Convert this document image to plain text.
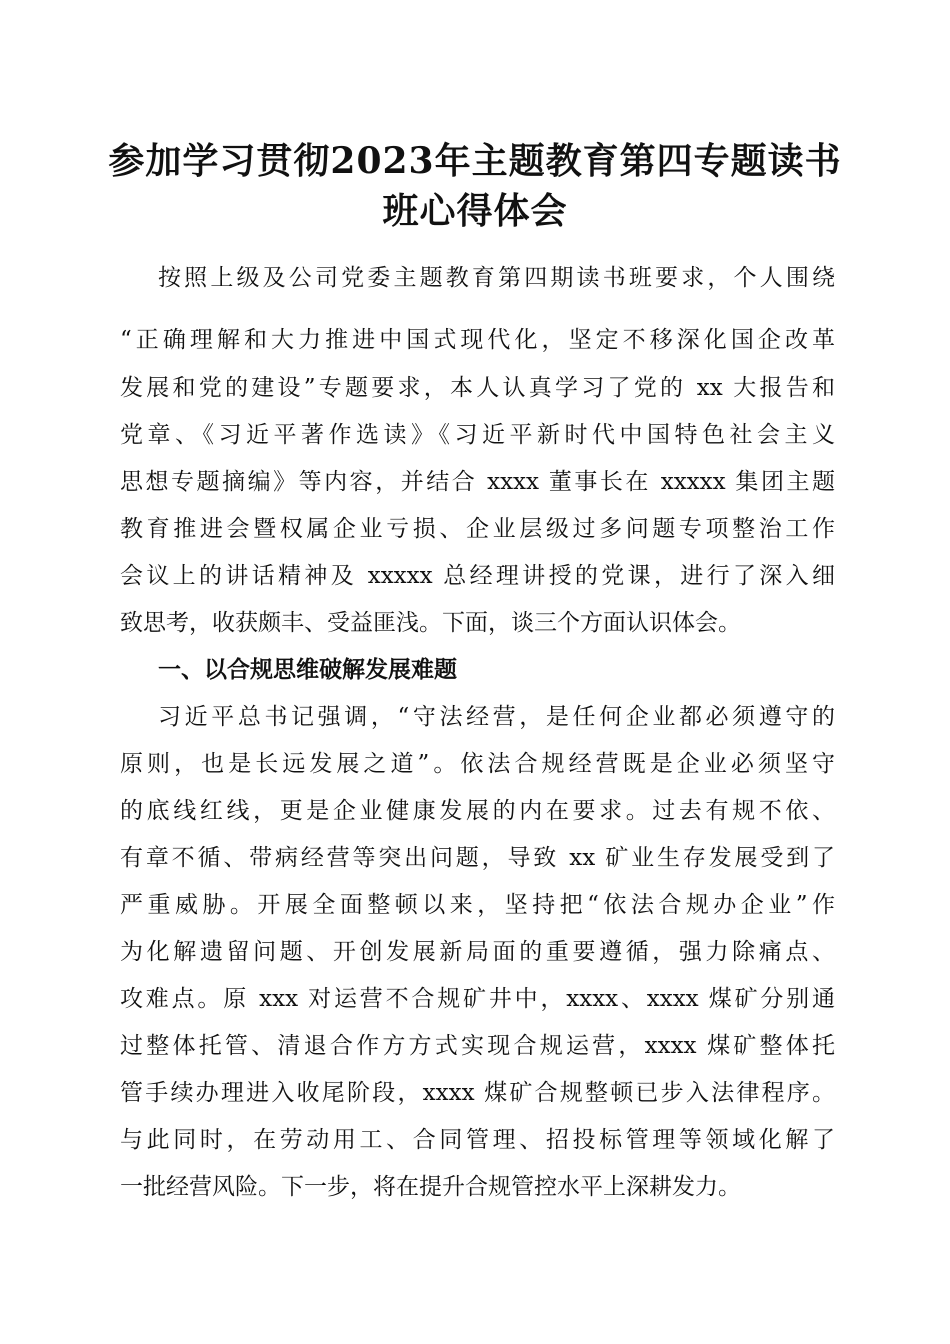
参加学习贯彻2023年主题教育第四专题读书
班心得体会
按照上级及公司党委主题教育第四期读书班要求，个人围绕
“正确理解和大力推进中国式现代化，坚定不移深化国企改革
发展和党的建设”专题要求，本人认真学习了党的 xx 大报告和
党章、《习近平著作选读》《习近平新时代中国特色社会主义
思想专题摘编》等内容，并结合 xxxx 董事长在 xxxxx 集团主题
教育推进会暨权属企业亏损、企业层级过多问题专项整治工作
会议上的讲话精神及 xxxxx 总经理讲授的党课，进行了深入细
致思考，收获颇丰、受益匪浅。下面，谈三个方面认识体会。
一、以合规思维破解发展难题
习近平总书记强调，“守法经营，是任何企业都必须遵守的
原则，也是长远发展之道”。依法合规经营既是企业必须坚守
的底线红线，更是企业健康发展的内在要求。过去有规不依、
有章不循、带病经营等突出问题，导致 xx 矿业生存发展受到了
严重威胁。开展全面整顿以来，坚持把“依法合规办企业”作
为化解遗留问题、开创发展新局面的重要遵循，强力除痛点、
攻难点。原 xxx 对运营不合规矿井中，xxxx、xxxx 煤矿分别通
过整体托管、清退合作方方式实现合规运营，xxxx 煤矿整体托
管手续办理进入收尾阶段，xxxx 煤矿合规整顿已步入法律程序。
与此同时，在劳动用工、合同管理、招投标管理等领域化解了
一批经营风险。下一步，将在提升合规管控水平上深耕发力。
